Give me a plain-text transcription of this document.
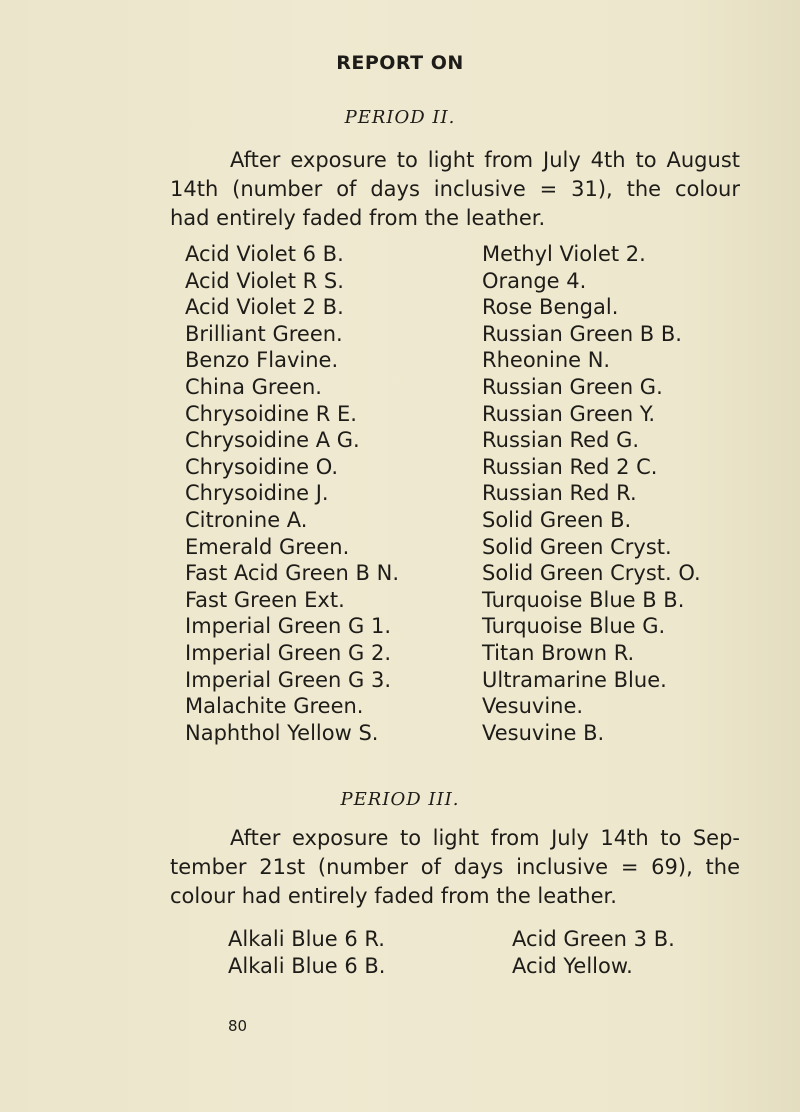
REPORT ON
PERIOD II.
After exposure to light from July 4th to August
14th (number of days inclusive = 31), the colour
had entirely faded from the leather.
Acid Violet 6 B.
Acid Violet R S.
Acid Violet 2 B.
Brilliant Green.
Benzo Flavine.
China Green.
Chrysoidine R E.
Chrysoidine A G.
Chrysoidine O.
Chrysoidine J.
Citronine A.
Emerald Green.
Fast Acid Green B N.
Fast Green Ext.
Imperial Green G 1.
Imperial Green G 2.
Imperial Green G 3.
Malachite Green.
Naphthol Yellow S.
Methyl Violet 2.
Orange 4.
Rose Bengal.
Russian Green B B.
Rheonine N.
Russian Green G.
Russian Green Y.
Russian Red G.
Russian Red 2 C.
Russian Red R.
Solid Green B.
Solid Green Cryst.
Solid Green Cryst. O.
Turquoise Blue B B.
Turquoise Blue G.
Titan Brown R.
Ultramarine Blue.
Vesuvine.
Vesuvine B.
PERIOD III.
After exposure to light from July 14th to Sep-
tember 21st (number of days inclusive = 69), the
colour had entirely faded from the leather.
Alkali Blue 6 R.
Alkali Blue 6 B.
Acid Green 3 B.
Acid Yellow.
80
